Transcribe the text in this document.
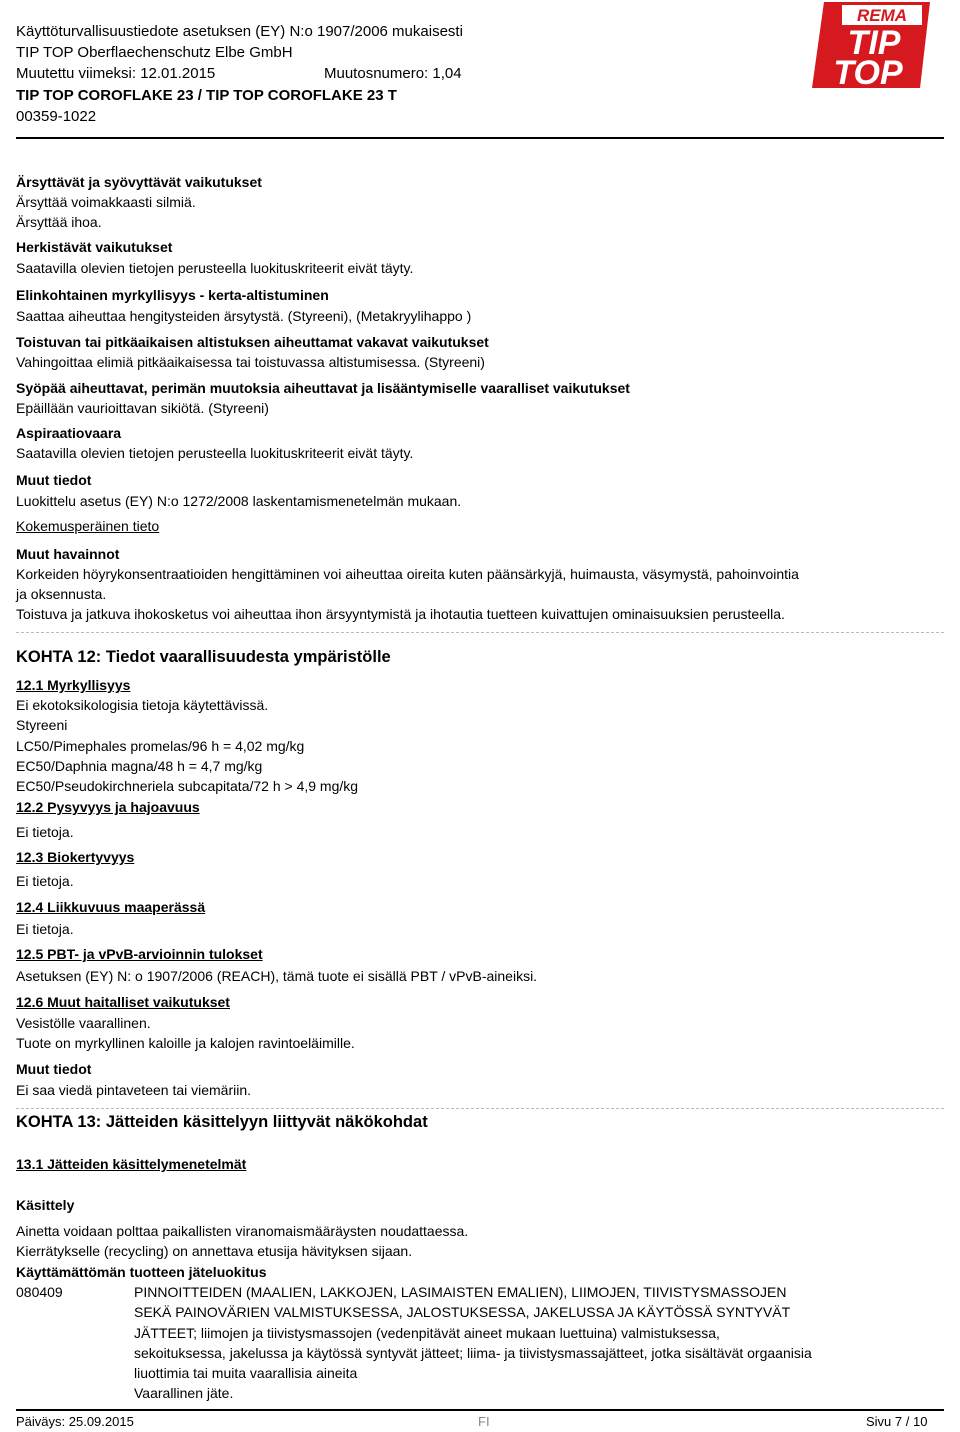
Käyttöturvallisuustiedote asetuksen (EY) N:o 1907/2006 mukaisesti
TIP TOP Oberflaechenschutz Elbe GmbH
Muutettu viimeksi: 12.01.2015	Muutosnumero: 1,04
TIP TOP COROFLAKE 23 / TIP TOP COROFLAKE 23 T
00359-1022
REMA
TIP
TOP
Ärsyttävät ja syövyttävät vaikutukset
Ärsyttää voimakkaasti silmiä.
Ärsyttää ihoa.
Herkistävät vaikutukset
Saatavilla olevien tietojen perusteella luokituskriteerit eivät täyty.
Elinkohtainen myrkyllisyys - kerta-altistuminen
Saattaa aiheuttaa hengitysteiden ärsytystä. (Styreeni), (Metakryylihappo )
Toistuvan tai pitkäaikaisen altistuksen aiheuttamat vakavat vaikutukset
Vahingoittaa elimiä pitkäaikaisessa tai toistuvassa altistumisessa. (Styreeni)
Syöpää aiheuttavat, perimän muutoksia aiheuttavat ja lisääntymiselle vaaralliset vaikutukset
Epäillään vaurioittavan sikiötä. (Styreeni)
Aspiraatiovaara
Saatavilla olevien tietojen perusteella luokituskriteerit eivät täyty.
Muut tiedot
Luokittelu asetus (EY) N:o 1272/2008 laskentamismenetelmän mukaan.
Kokemusperäinen tieto
Muut havainnot
Korkeiden höyrykonsentraatioiden hengittäminen voi aiheuttaa oireita kuten päänsärkyjä, huimausta, väsymystä, pahoinvointia
ja oksennusta.
Toistuva ja jatkuva ihokosketus voi aiheuttaa ihon ärsyyntymistä ja ihotautia tuetteen kuivattujen ominaisuuksien perusteella.
KOHTA 12: Tiedot vaarallisuudesta ympäristölle
12.1 Myrkyllisyys
Ei ekotoksikologisia tietoja käytettävissä.
Styreeni
LC50/Pimephales promelas/96 h = 4,02 mg/kg
EC50/Daphnia magna/48 h = 4,7 mg/kg
EC50/Pseudokirchneriela subcapitata/72 h > 4,9 mg/kg
12.2 Pysyvyys ja hajoavuus
Ei tietoja.
12.3 Biokertyvyys
Ei tietoja.
12.4 Liikkuvuus maaperässä
Ei tietoja.
12.5 PBT- ja vPvB-arvioinnin tulokset
Asetuksen (EY) N: o 1907/2006 (REACH), tämä tuote ei sisällä PBT / vPvB-aineiksi.
12.6 Muut haitalliset vaikutukset
Vesistölle vaarallinen.
Tuote on myrkyllinen kaloille ja kalojen ravintoeläimille.
Muut tiedot
Ei saa viedä pintaveteen tai viemäriin.
KOHTA 13: Jätteiden käsittelyyn liittyvät näkökohdat
13.1 Jätteiden käsittelymenetelmät
Käsittely
Ainetta voidaan polttaa paikallisten viranomaismääräysten noudattaessa.
Kierrätykselle (recycling) on annettava etusija hävityksen sijaan.
Käyttämättömän tuotteen jäteluokitus
080409	PINNOITTEIDEN (MAALIEN, LAKKOJEN, LASIMAISTEN EMALIEN), LIIMOJEN, TIIVISTYSMASSOJEN
SEKÄ PAINOVÄRIEN VALMISTUKSESSA, JALOSTUKSESSA, JAKELUSSA JA KÄYTÖSSÄ SYNTYVÄT
JÄTTEET; liimojen ja tiivistysmassojen (vedenpitävät aineet mukaan luettuina) valmistuksessa,
sekoituksessa, jakelussa ja käytössä syntyvät jätteet; liima- ja tiivistysmassajätteet, jotka sisältävät orgaanisia
liuottimia tai muita vaarallisia aineita
Vaarallinen jäte.
Päiväys: 25.09.2015	FI	Sivu 7 / 10
